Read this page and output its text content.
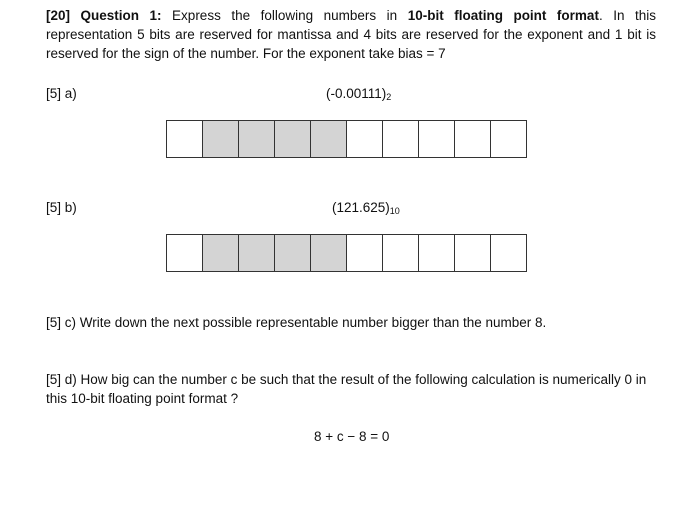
[20] Question 1: Express the following numbers in 10-bit floating point format. In this representation 5 bits are reserved for mantissa and 4 bits are reserved for the exponent and 1 bit is reserved for the sign of the number. For the exponent take bias = 7
[5] a)	$(-0.00111)_2$
[5] b)	$(121.625)_{10}$
[5] c) Write down the next possible representable number bigger than the number 8.
[5] d) How big can the number c be such that the result of the following calculation is numerically 0 in this 10-bit floating point format ?
8 + c − 8 = 0
